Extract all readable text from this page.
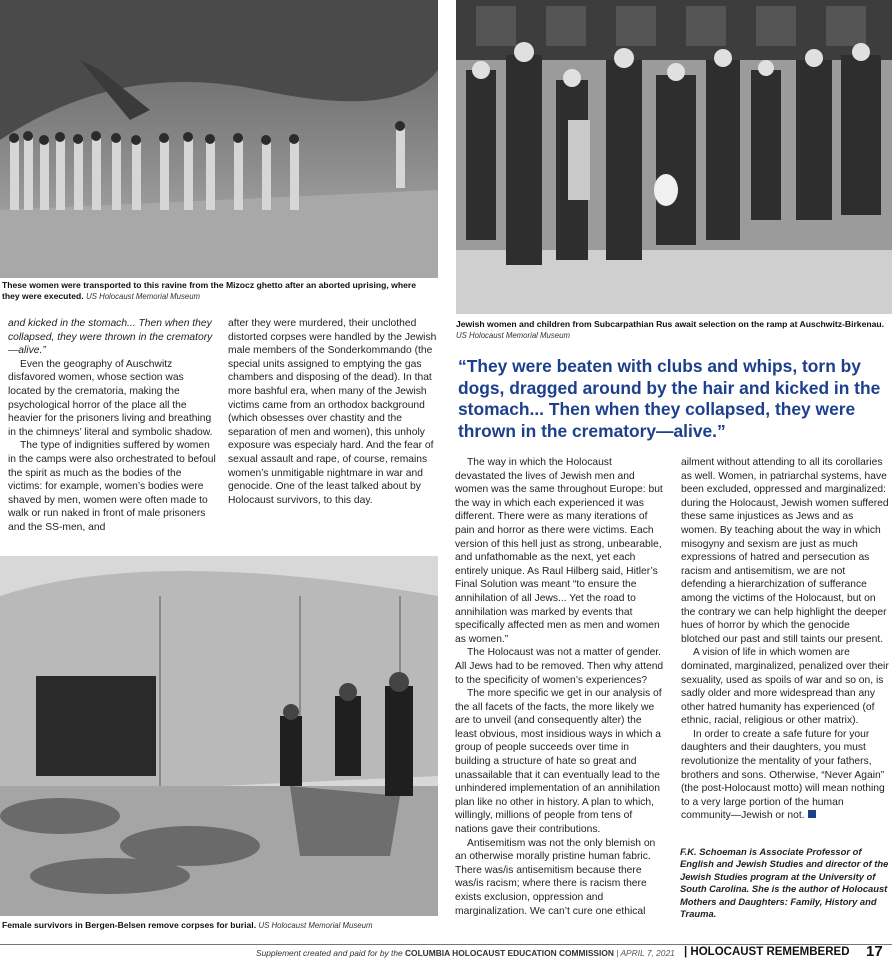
These women were transported to this ravine from the Mizocz ghetto after an aborted uprising, where they were executed. US Holocaust Memorial Museum
Jewish women and children from Subcarpathian Rus await selection on the ramp at Auschwitz-Birkenau. US Holocaust Memorial Museum

and kicked in the stomach... Then when they collapsed, they were thrown in the crematory—alive.”

Even the geography of Auschwitz disfavored women, whose section was located by the crematoria, making the psychological horror of the place all the heavier for the prisoners living and breathing in the chimneys’ literal and symbolic shadow.

The type of indignities suffered by women in the camps were also orchestrated to befoul the spirit as much as the bodies of the victims: for example, women’s bodies were shaved by men, women were often made to walk or run naked in front of male prisoners and the SS-men, and

after they were murdered, their unclothed distorted corpses were handled by the Jewish male members of the Sonderkommando (the special units assigned to emptying the gas chambers and disposing of the dead). In that more bashful era, when many of the Jewish victims came from an orthodox background (which obsesses over chastity and the separation of men and women), this unholy exposure was especialy hard. And the fear of sexual assault and rape, of course, remains women’s unmitigable nightmare in war and genocide. One of the least talked about by Holocaust survivors, to this day.

“They were beaten with clubs and whips, torn by dogs, dragged around by the hair and kicked in the stomach... Then when they collapsed, they were thrown in the crematory—alive.”
Female survivors in Bergen-Belsen remove corpses for burial. US Holocaust Memorial Museum

The way in which the Holocaust devastated the lives of Jewish men and women was the same throughout Europe: but the way in which each experienced it was different. There were as many iterations of pain and horror as there were victims. Each version of this hell just as strong, unbearable, and unfathomable as the next, yet each entirely unique. As Raul Hilberg said, Hitler’s Final Solution was meant “to ensure the annihilation of all Jews... Yet the road to annihilation was marked by events that specifically affected men as men and women as women.”

The Holocaust was not a matter of gender. All Jews had to be removed. Then why attend to the specificity of women’s experiences?

The more specific we get in our analysis of the all facets of the facts, the more likely we are to unveil (and consequently alter) the least obvious, most insidious ways in which a group of people succeeds over time in building a structure of hate so great and unassailable that it can eventually lead to the unhindered implementation of an annihilation plan like no other in history. A plan to which, willingly, millions of people from tens of nations gave their contributions.

Antisemitism was not the only blemish on an otherwise morally pristine human fabric. There was/is antisemitism because there was/is racism; where there is racism there exists exclusion, oppression and marginalization. We can’t cure one ethical

ailment without attending to all its corollaries as well. Women, in patriarchal systems, have been excluded, oppressed and marginalized: during the Holocaust, Jewish women suffered these same injustices as Jews and as women. By teaching about the way in which misogyny and sexism are just as much expressions of hatred and persecution as racism and antisemitism, we are not defending a hierarchization of sufferance among the victims of the Holocaust, but on the contrary we can help highlight the deeper hues of horror by which the genocide blotched our past and still taints our present.

A vision of life in which women are dominated, marginalized, penalized over their sexuality, used as spoils of war and so on, is sadly older and more widespread than any other hatred humanity has experienced (of ethnic, racial, religious or other matrix).

In order to create a safe future for your daughters and their daughters, you must revolutionize the mentality of your fathers, brothers and sons. Otherwise, “Never Again” (the post-Holocaust motto) will mean nothing to a very large portion of the human community—Jewish or not.

F.K. Schoeman is Associate Professor of English and Jewish Studies and director of the Jewish Studies program at the University of South Carolina. She is the author of Holocaust Mothers and Daughters: Family, History and Trauma.
Supplement created and paid for by the COLUMBIA HOLOCAUST EDUCATION COMMISSION | APRIL 7, 2021 | HOLOCAUST REMEMBERED 17
